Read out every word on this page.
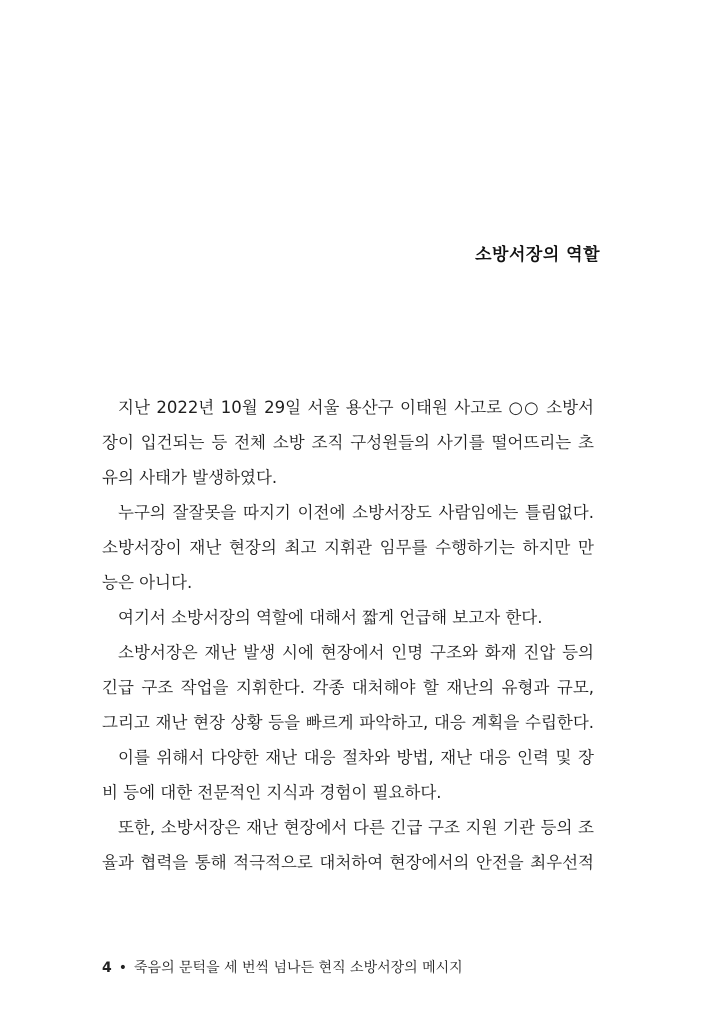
소방서장의 역할
지난 2022년 10월 29일 서울 용산구 이태원 사고로 ○○ 소방서
장이 입건되는 등 전체 소방 조직 구성원들의 사기를 떨어뜨리는 초
유의 사태가 발생하였다.
누구의 잘잘못을 따지기 이전에 소방서장도 사람임에는 틀림없다.
소방서장이 재난 현장의 최고 지휘관 임무를 수행하기는 하지만 만
능은 아니다.
여기서 소방서장의 역할에 대해서 짧게 언급해 보고자 한다.
소방서장은 재난 발생 시에 현장에서 인명 구조와 화재 진압 등의
긴급 구조 작업을 지휘한다. 각종 대처해야 할 재난의 유형과 규모,
그리고 재난 현장 상황 등을 빠르게 파악하고, 대응 계획을 수립한다.
이를 위해서 다양한 재난 대응 절차와 방법, 재난 대응 인력 및 장
비 등에 대한 전문적인 지식과 경험이 필요하다.
또한, 소방서장은 재난 현장에서 다른 긴급 구조 지원 기관 등의 조
율과 협력을 통해 적극적으로 대처하여 현장에서의 안전을 최우선적
4 • 죽음의 문턱을 세 번씩 넘나든 현직 소방서장의 메시지
